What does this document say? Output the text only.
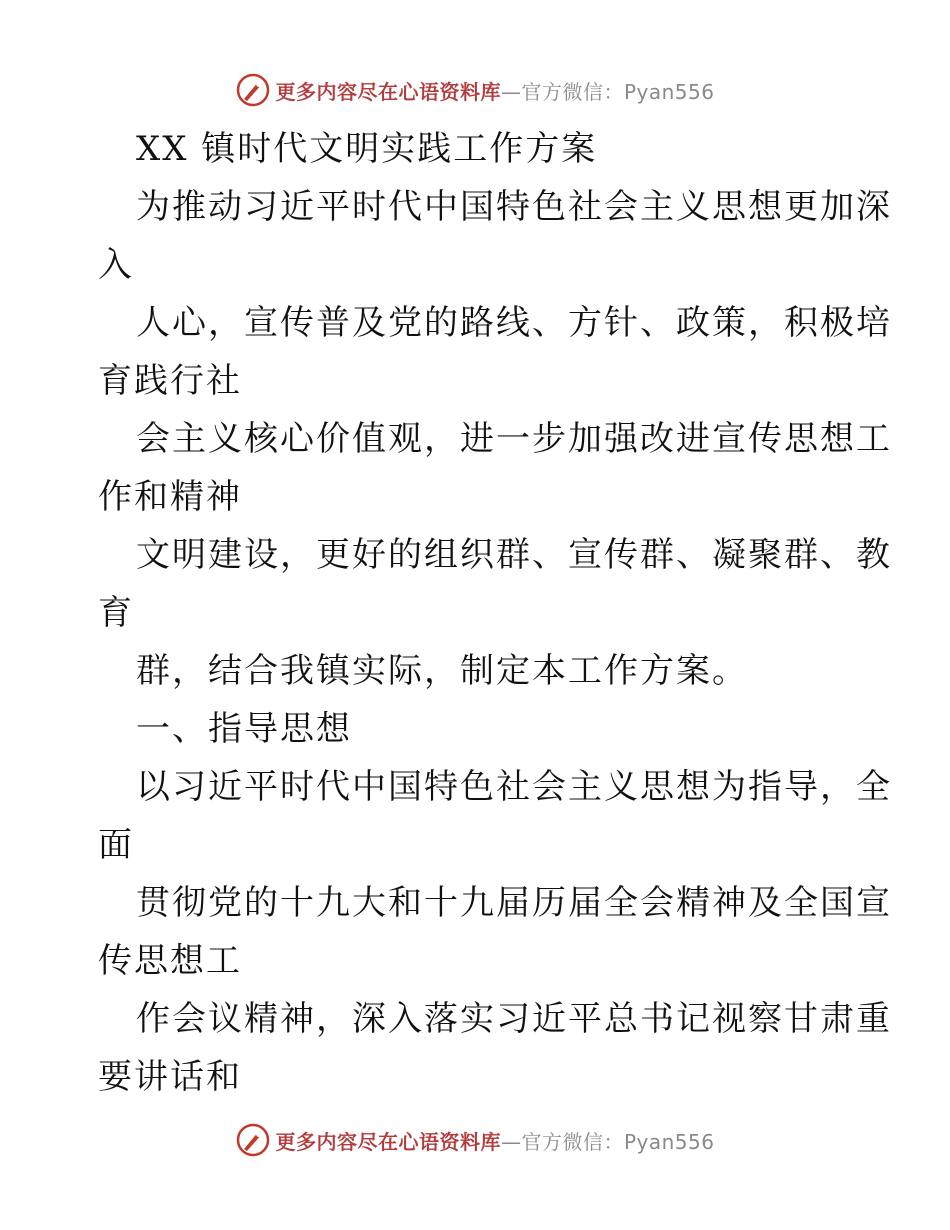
更多内容尽在心语资料库—官方微信：Pyan556
XX 镇时代文明实践工作方案
为推动习近平时代中国特色社会主义思想更加深
入
人心，宣传普及党的路线、方针、政策，积极培
育践行社
会主义核心价值观，进一步加强改进宣传思想工
作和精神
文明建设，更好的组织群、宣传群、凝聚群、教
育
群，结合我镇实际，制定本工作方案。
一、指导思想
以习近平时代中国特色社会主义思想为指导，全
面
贯彻党的十九大和十九届历届全会精神及全国宣
传思想工
作会议精神，深入落实习近平总书记视察甘肃重
要讲话和
更多内容尽在心语资料库—官方微信：Pyan556
